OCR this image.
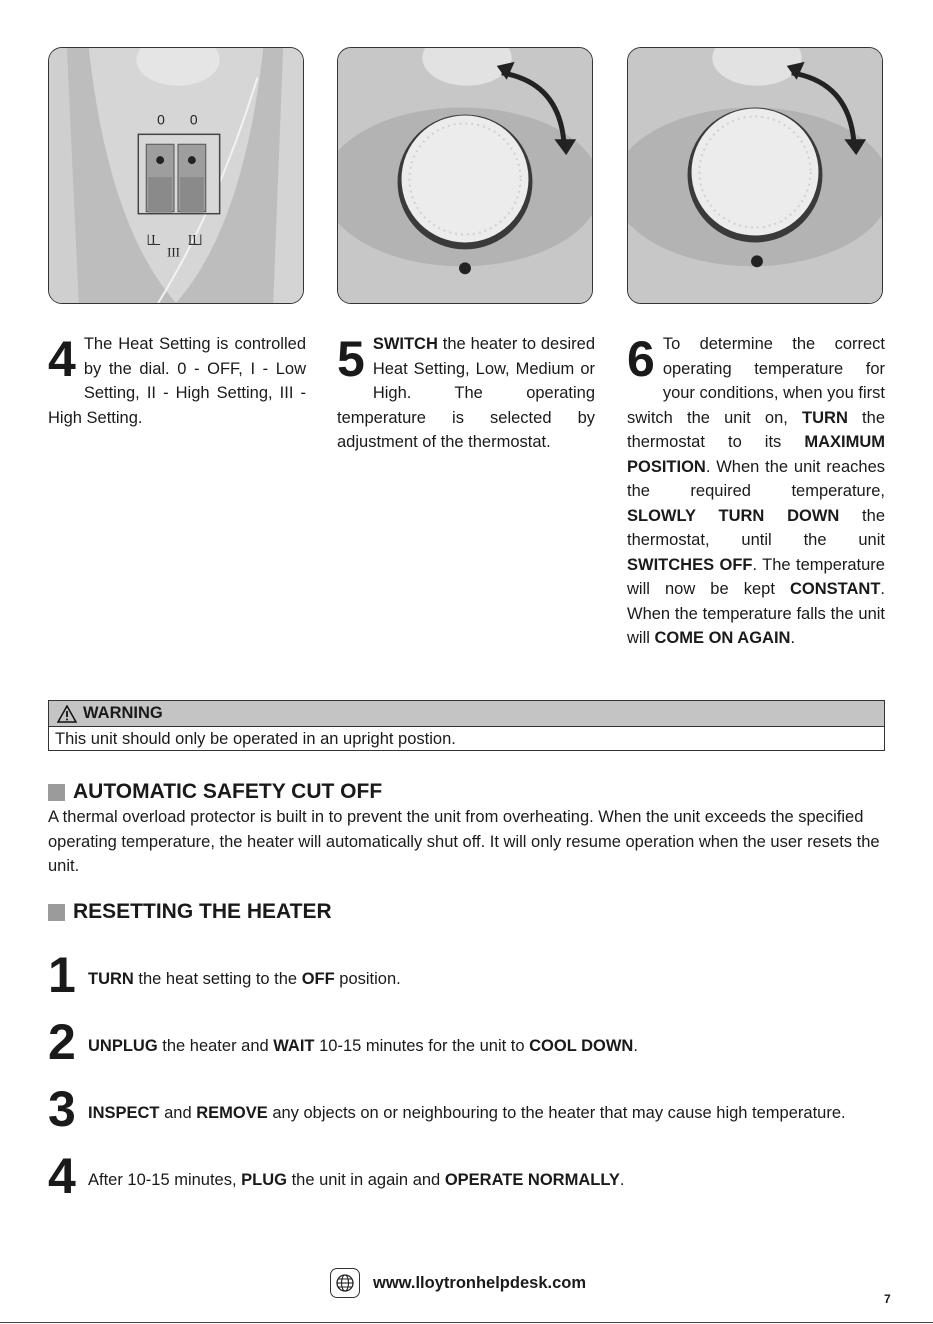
0 0
I II
III
4 The Heat Setting is controlled by the dial. 0 - OFF, I - Low Setting, II - High Setting, III - High Setting.
5 SWITCH the heater to desired Heat Setting, Low, Medium or High. The operating temperature is selected by adjustment of the thermostat.
6 To determine the correct operating temperature for your conditions, when you first switch the unit on, TURN the thermostat to its MAXIMUM POSITION. When the unit reaches the required temperature, SLOWLY TURN DOWN the thermostat, until the unit SWITCHES OFF. The temperature will now be kept CONSTANT. When the temperature falls the unit will COME ON AGAIN.
WARNING
This unit should only be operated in an upright postion.
AUTOMATIC SAFETY CUT OFF
A thermal overload protector is built in to prevent the unit from overheating. When the unit exceeds the specified operating temperature, the heater will automatically shut off. It will only resume operation when the user resets the unit.
RESETTING THE HEATER
1 TURN the heat setting to the OFF position.
2 UNPLUG the heater and WAIT 10-15 minutes for the unit to COOL DOWN.
3 INSPECT and REMOVE any objects on or neighbouring to the heater that may cause high temperature.
4 After 10-15 minutes, PLUG the unit in again and OPERATE NORMALLY.
www.lloytronhelpdesk.com
7
